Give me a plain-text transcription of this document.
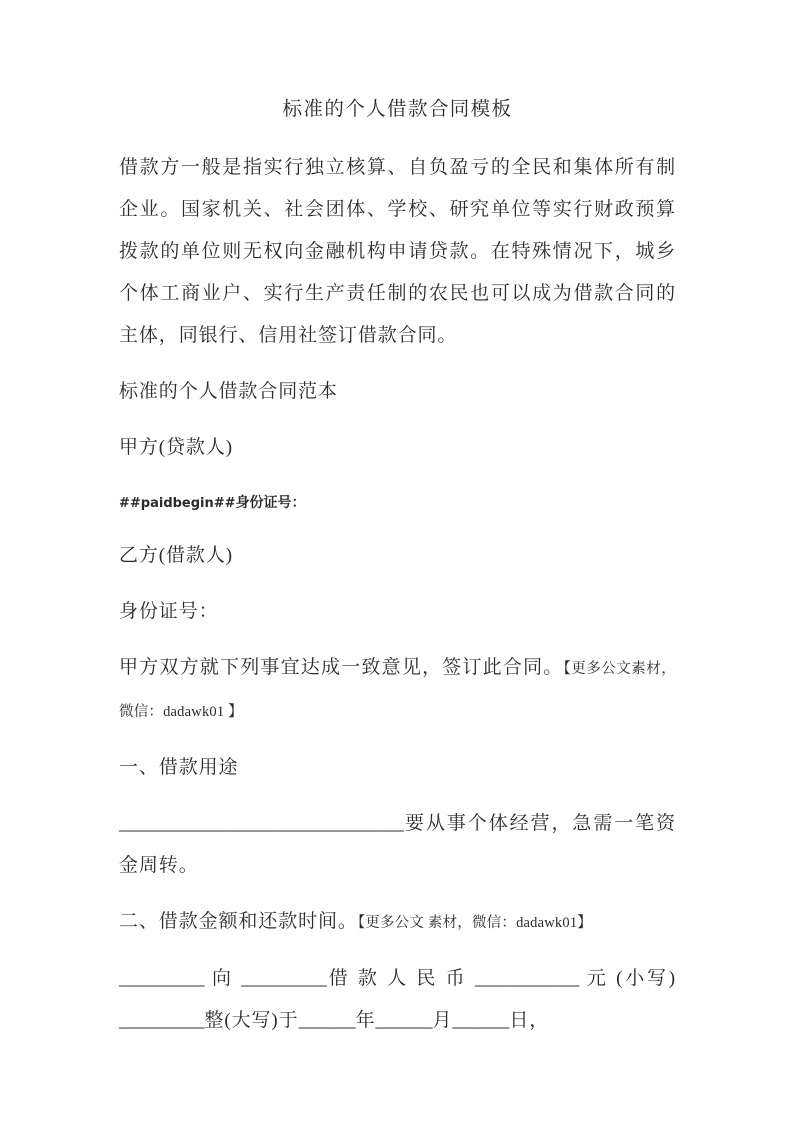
标准的个人借款合同模板

借款方一般是指实行独立核算、自负盈亏的全民和集体所有制企业。国家机关、社会团体、学校、研究单位等实行财政预算拨款的单位则无权向金融机构申请贷款。在特殊情况下，城乡个体工商业户、实行生产责任制的农民也可以成为借款合同的主体，同银行、信用社签订借款合同。

标准的个人借款合同范本

甲方(贷款人)

##paidbegin##身份证号：

乙方(借款人)

身份证号：

甲方双方就下列事宜达成一致意见，签订此合同。【更多公文素材，微信：dadawk01 】

一、借款用途

______________________________要从事个体经营，急需一笔资金周转。

二、借款金额和还款时间。【更多公文 素材，微信：dadawk01】

_________ 向 _________借 款 人 民 币 ___________ 元 (小写)_________整(大写)于______年______月______日，
